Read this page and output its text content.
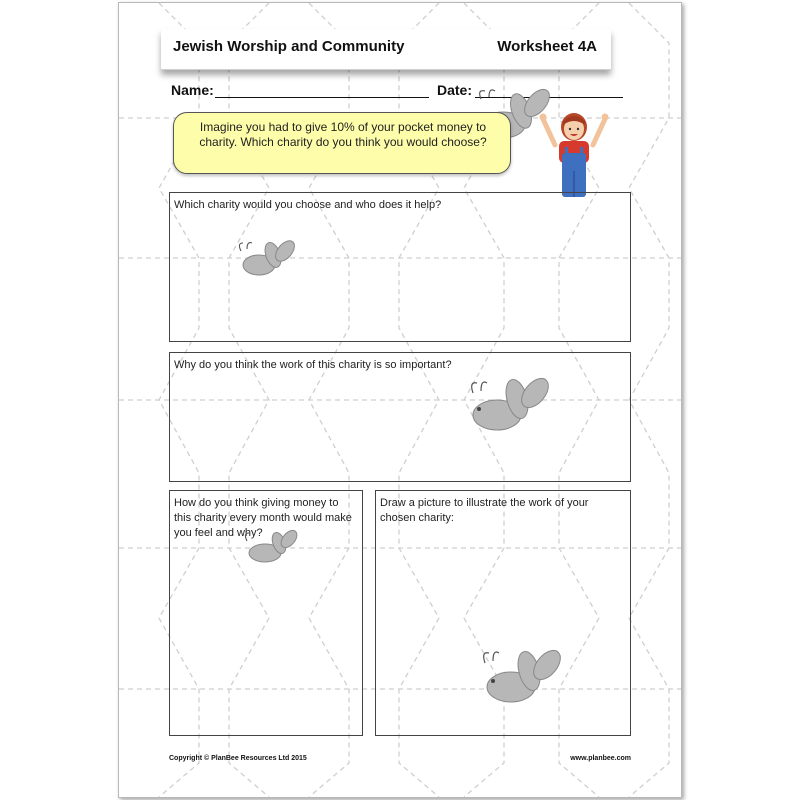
Jewish Worship and Community	Worksheet 4A
Name:	Date:
Imagine you had to give 10% of your pocket money to charity. Which charity do you think you would choose?
Which charity would you choose and who does it help?
Why do you think the work of this charity is so important?
How do you think giving money to this charity every month would make you feel and why?
Draw a picture to illustrate the work of your chosen charity:
Copyright © PlanBee Resources Ltd 2015	www.planbee.com
